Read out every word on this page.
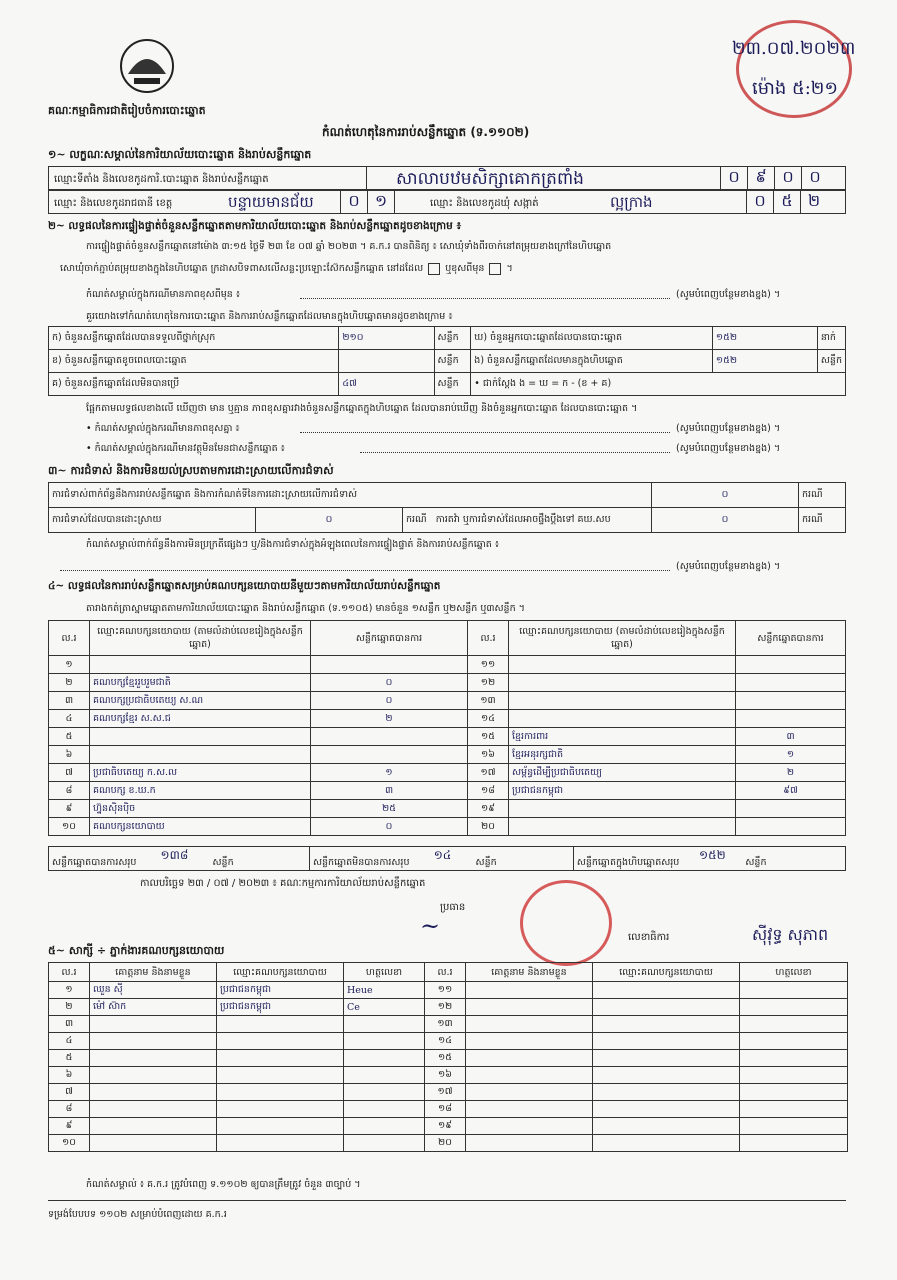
គណៈកម្មាធិការជាតិរៀបចំការបោះឆ្នោត
កំណត់ហេតុនៃការរាប់សន្លឹកឆ្នោត (ទ.១១០២)
២៣.០៧.២០២៣
ម៉ោង ៥:២១
១~ លក្ខណៈសម្គាល់នៃការិយាល័យបោះឆ្នោត និងរាប់សន្លឹកឆ្នោត
ឈ្មោះទីតាំង និងលេខកូដការិ.បោះឆ្នោត និងរាប់សន្លឹកឆ្នោត	សាលាបឋមសិក្សាគោកត្រពាំង	០ ៩ ០ ០
ឈ្មោះ និងលេខកូដរាជធានី ខេត្ត	បន្ទាយមានជ័យ	០ ១	ឈ្មោះ និងលេខកូដឃុំ សង្កាត់	ល្អក្រាង	០ ៥ ២
២~ លទ្ធផលនៃការផ្ទៀងផ្ទាត់ចំនួនសន្លឹកឆ្នោតតាមការិយាល័យបោះឆ្នោត និងរាប់សន្លឹកឆ្នោតដូចខាងក្រោម ៖
ការផ្ទៀងផ្ទាត់ចំនួនសន្លឹកឆ្នោតនៅម៉ោង ៣:១៥ ថ្ងៃទី ២៣ ខែ ០៧ ឆ្នាំ ២០២៣ ។ គ.ក.រ បានពិនិត្យ ៖ សោឃុំទាំងពីរចាក់នៅតម្រុយខាងក្រៅនៃហិបឆ្នោត
សោឃុំចាក់ភ្ជាប់តម្រុយខាងក្នុងនៃហិបឆ្នោត ក្រដាសបិទពាសលើសន្លះប្រឡោះស៊ែកសន្លឹកឆ្នោត នៅដដែល ឬខុសពីមុន  ។
កំណត់សម្គាល់ក្នុងករណីមានភាពខុសពីមុន ៖	(សូមបំពេញបន្ថែមខាងខ្នង) ។
គួរយោងទៅកំណត់ហេតុនៃការបោះឆ្នោត និងការរាប់សន្លឹកឆ្នោតដែលមានក្នុងហិបឆ្នោតមានដូចខាងក្រោម ៖
ក) ចំនួនសន្លឹកឆ្នោតដែលបានទទួលពីថ្នាក់ស្រុក	២១០	សន្លឹក	ឃ) ចំនួនអ្នកបោះឆ្នោតដែលបានបោះឆ្នោត	១៥២	នាក់
ខ) ចំនួនសន្លឹកឆ្នោតខូចពេលបោះឆ្នោត		សន្លឹក	ង) ចំនួនសន្លឹកឆ្នោតដែលមានក្នុងហិបឆ្នោត	១៥២	សន្លឹក
គ) ចំនួនសន្លឹកឆ្នោតដែលមិនបានប្រើ	៤៧	សន្លឹក	• ជាក់ស្តែង ង = ឃ = ក - (ខ + គ)		
ផ្អែកតាមលទ្ធផលខាងលើ ឃើញថា មាន ឬគ្មាន ភាពខុសគ្នារវាងចំនួនសន្លឹកឆ្នោតក្នុងហិបឆ្នោត ដែលបានរាប់ឃើញ និងចំនួនអ្នកបោះឆ្នោត ដែលបានបោះឆ្នោត ។
• កំណត់សម្គាល់ក្នុងករណីមានភាពខុសគ្នា ៖	(សូមបំពេញបន្ថែមខាងខ្នង) ។
• កំណត់សម្គាល់ក្នុងករណីមានវត្ថុមិនមែនជាសន្លឹកឆ្នោត ៖	(សូមបំពេញបន្ថែមខាងខ្នង) ។
៣~ ការជំទាស់ និងការមិនយល់ស្របតាមការដោះស្រាយលើការជំទាស់
ការជំទាស់ពាក់ព័ន្ធនឹងការរាប់សន្លឹកឆ្នោត និងការកំណត់ទីនៃការដោះស្រាយលើការជំទាស់			០	ករណី
ការជំទាស់ដែលបានដោះស្រាយ	០	ករណី ការតវ៉ា ឬការជំទាស់ដែលអាចផ្ទឹងប្ដឹងទៅ គឃ.សប	០	ករណី
កំណត់សម្គាល់ពាក់ព័ន្ធនឹងការមិនប្រក្រតីផ្សេងៗ ឬ/និងការជំទាស់ក្នុងអំឡុងពេលនៃការផ្ទៀងផ្ទាត់ និងការរាប់សន្លឹកឆ្នោត ៖
(សូមបំពេញបន្ថែមខាងខ្នង) ។
៤~ លទ្ធផលនៃការរាប់សន្លឹកឆ្នោតសម្រាប់គណបក្សនយោបាយនីមួយៗតាមការិយាល័យរាប់សន្លឹកឆ្នោត
តារាងកត់ត្រាស្នាមឆ្នោតតាមការិយាល័យបោះឆ្នោត និងរាប់សន្លឹកឆ្នោត (ទ.១១០៥) មានចំនួន ១សន្លឹក ឬ២សន្លឹក ឬ៣សន្លឹក ។
ល.រ	ឈ្មោះគណបក្សនយោបាយ (តាមលំដាប់លេខរៀងក្នុងសន្លឹកឆ្នោត)	សន្លឹកឆ្នោតបានការ	ល.រ	ឈ្មោះគណបក្សនយោបាយ (តាមលំដាប់លេខរៀងក្នុងសន្លឹកឆ្នោត)	សន្លឹកឆ្នោតបានការ
១			១១		
២	គណបក្សខ្មែររួបរួមជាតិ	០	១២		
៣	គណបក្សប្រជាធិបតេយ្យ ស.ណ	០	១៣		
៤	គណបក្សខ្មែរ ស.ស.ជ	២	១៤		
៥			១៥	ខ្មែរការពារ	៣
៦			១៦	ខ្មែរអនុរក្សជាតិ	១
៧	ប្រជាធិបតេយ្យ ក.ស.ល	១	១៧	សម្ព័ន្ធដើម្បីប្រជាធិបតេយ្យ	២
៨	គណបក្ស ខ.ឃ.ក	៣	១៨	ប្រជាជនកម្ពុជា	៩៧
៩	ហ្វ៊ុនស៊ិនប៉ិច	២៥	១៩		
១០	គណបក្សនយោបាយ	០	២០		
សន្លឹកឆ្នោតបានការសរុប ១៣៨ សន្លឹក	សន្លឹកឆ្នោតមិនបានការសរុប ១៤ សន្លឹក	សន្លឹកឆ្នោតក្នុងហិបឆ្នោតសរុប ១៥២ សន្លឹក
កាលបរិច្ឆេទ ២៣ / ០៧ / ២០២៣ ៖ គណៈកម្មការការិយាល័យរាប់សន្លឹកឆ្នោត
ប្រធាន
~	លេខាធិការ	ស៊ីវុទ្ធ សុភាព
៥~ សាក្សី ÷ ភ្នាក់ងារគណបក្សនយោបាយ
ល.រ	គោត្តនាម និងនាមខ្លួន	ឈ្មោះគណបក្សនយោបាយ	ហត្ថលេខា	ល.រ	គោត្តនាម និងនាមខ្លួន	ឈ្មោះគណបក្សនយោបាយ	ហត្ថលេខា
១	ឈួន ស៊ី	ប្រជាជនកម្ពុជា	Heue	១១			
២	ម៉ៅ ស៊ាក	ប្រជាជនកម្ពុជា	Ce	១២			
៣				១៣			
៤				១៤			
៥				១៥			
៦				១៦			
៧				១៧			
៨				១៨			
៩				១៩			
១០				២០			
កំណត់សម្គាល់ ៖ គ.ក.រ ត្រូវបំពេញ ទ.១១០២ ឲ្យបានត្រឹមត្រូវ ចំនួន ៣ច្បាប់ ។
ទម្រង់បែបបទ ១១០២ សម្រាប់បំពេញដោយ គ.ក.រ
